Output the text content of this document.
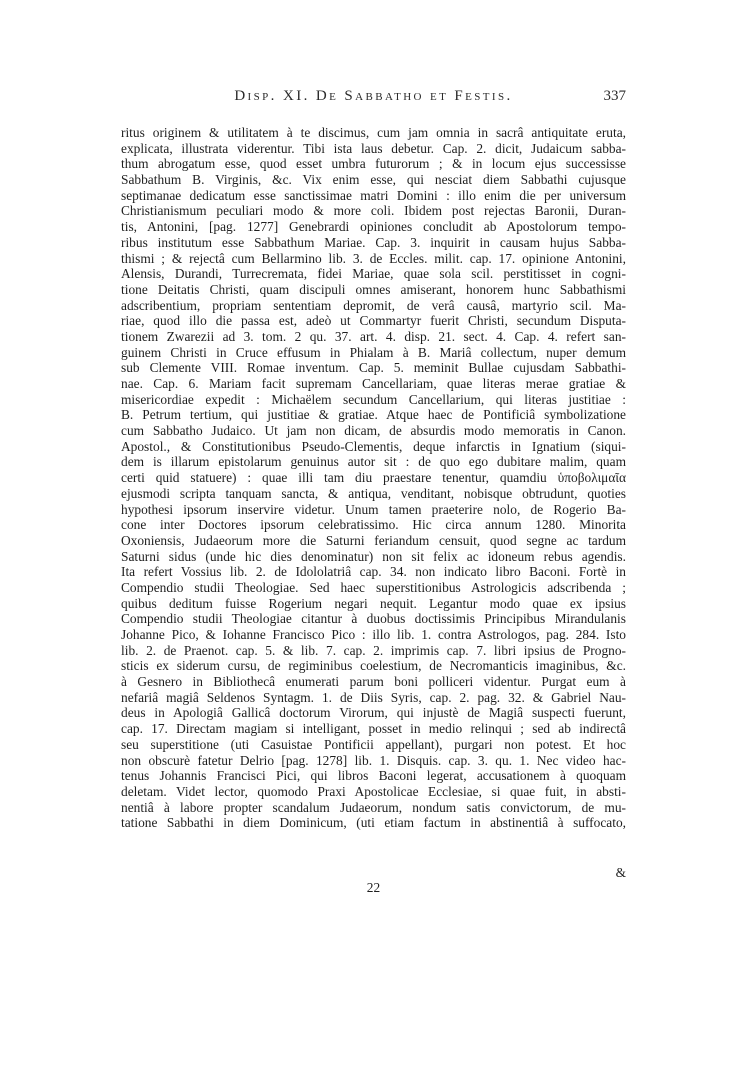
Disp. XI. De Sabbatho et Festis.	337
ritus originem & utilitatem à te discimus, cum jam omnia in sacrâ antiquitate eruta,
explicata, illustrata viderentur. Tibi ista laus debetur. Cap. 2. dicit, Judaicum sabba-
thum abrogatum esse, quod esset umbra futurorum ; & in locum ejus successisse
Sabbathum B. Virginis, &c. Vix enim esse, qui nesciat diem Sabbathi cujusque
septimanae dedicatum esse sanctissimae matri Domini : illo enim die per universum
Christianismum peculiari modo & more coli. Ibidem post rejectas Baronii, Duran-
tis, Antonini, [pag. 1277] Genebrardi opiniones concludit ab Apostolorum tempo-
ribus institutum esse Sabbathum Mariae. Cap. 3. inquirit in causam hujus Sabba-
thismi ; & rejectâ cum Bellarmino lib. 3. de Eccles. milit. cap. 17. opinione Antonini,
Alensis, Durandi, Turrecremata, fidei Mariae, quae sola scil. perstitisset in cogni-
tione Deitatis Christi, quam discipuli omnes amiserant, honorem hunc Sabbathismi
adscribentium, propriam sententiam depromit, de verâ causâ, martyrio scil. Ma-
riae, quod illo die passa est, adeò ut Commartyr fuerit Christi, secundum Disputa-
tionem Zwarezii ad 3. tom. 2 qu. 37. art. 4. disp. 21. sect. 4. Cap. 4. refert san-
guinem Christi in Cruce effusum in Phialam à B. Mariâ collectum, nuper demum
sub Clemente VIII. Romae inventum. Cap. 5. meminit Bullae cujusdam Sabbathi-
nae. Cap. 6. Mariam facit supremam Cancellariam, quae literas merae gratiae &
misericordiae expedit : Michaëlem secundum Cancellarium, qui literas justitiae :
B. Petrum tertium, qui justitiae & gratiae. Atque haec de Pontificiâ symbolizatione
cum Sabbatho Judaico. Ut jam non dicam, de absurdis modo memoratis in Canon.
Apostol., & Constitutionibus Pseudo-Clementis, deque infarctis in Ignatium (siqui-
dem is illarum epistolarum genuinus autor sit : de quo ego dubitare malim, quam
certi quid statuere) : quae illi tam diu praestare tenentur, quamdiu ὑποβολιμαῖα
ejusmodi scripta tanquam sancta, & antiqua, venditant, nobisque obtrudunt, quoties
hypothesi ipsorum inservire videtur. Unum tamen praeterire nolo, de Rogerio Ba-
cone inter Doctores ipsorum celebratissimo. Hic circa annum 1280. Minorita
Oxoniensis, Judaeorum more die Saturni feriandum censuit, quod segne ac tardum
Saturni sidus (unde hic dies denominatur) non sit felix ac idoneum rebus agendis.
Ita refert Vossius lib. 2. de Idololatriâ cap. 34. non indicato libro Baconi. Fortè in
Compendio studii Theologiae. Sed haec superstitionibus Astrologicis adscribenda ;
quibus deditum fuisse Rogerium negari nequit. Legantur modo quae ex ipsius
Compendio studii Theologiae citantur à duobus doctissimis Principibus Mirandulanis
Johanne Pico, & Iohanne Francisco Pico : illo lib. 1. contra Astrologos, pag. 284. Isto
lib. 2. de Praenot. cap. 5. & lib. 7. cap. 2. imprimis cap. 7. libri ipsius de Progno-
sticis ex siderum cursu, de regiminibus coelestium, de Necromanticis imaginibus, &c.
à Gesnero in Bibliothecâ enumerati parum boni polliceri videntur. Purgat eum à
nefariâ magiâ Seldenos Syntagm. 1. de Diis Syris, cap. 2. pag. 32. & Gabriel Nau-
deus in Apologiâ Gallicâ doctorum Virorum, qui injustè de Magiâ suspecti fuerunt,
cap. 17. Directam magiam si intelligant, posset in medio relinqui ; sed ab indirectâ
seu superstitione (uti Casuistae Pontificii appellant), purgari non potest. Et hoc
non obscurè fatetur Delrio [pag. 1278] lib. 1. Disquis. cap. 3. qu. 1. Nec video hac-
tenus Johannis Francisci Pici, qui libros Baconi legerat, accusationem à quoquam
deletam. Videt lector, quomodo Praxi Apostolicae Ecclesiae, si quae fuit, in absti-
nentiâ à labore propter scandalum Judaeorum, nondum satis convictorum, de mu-
tatione Sabbathi in diem Dominicum, (uti etiam factum in abstinentiâ à suffocato,
22
&
